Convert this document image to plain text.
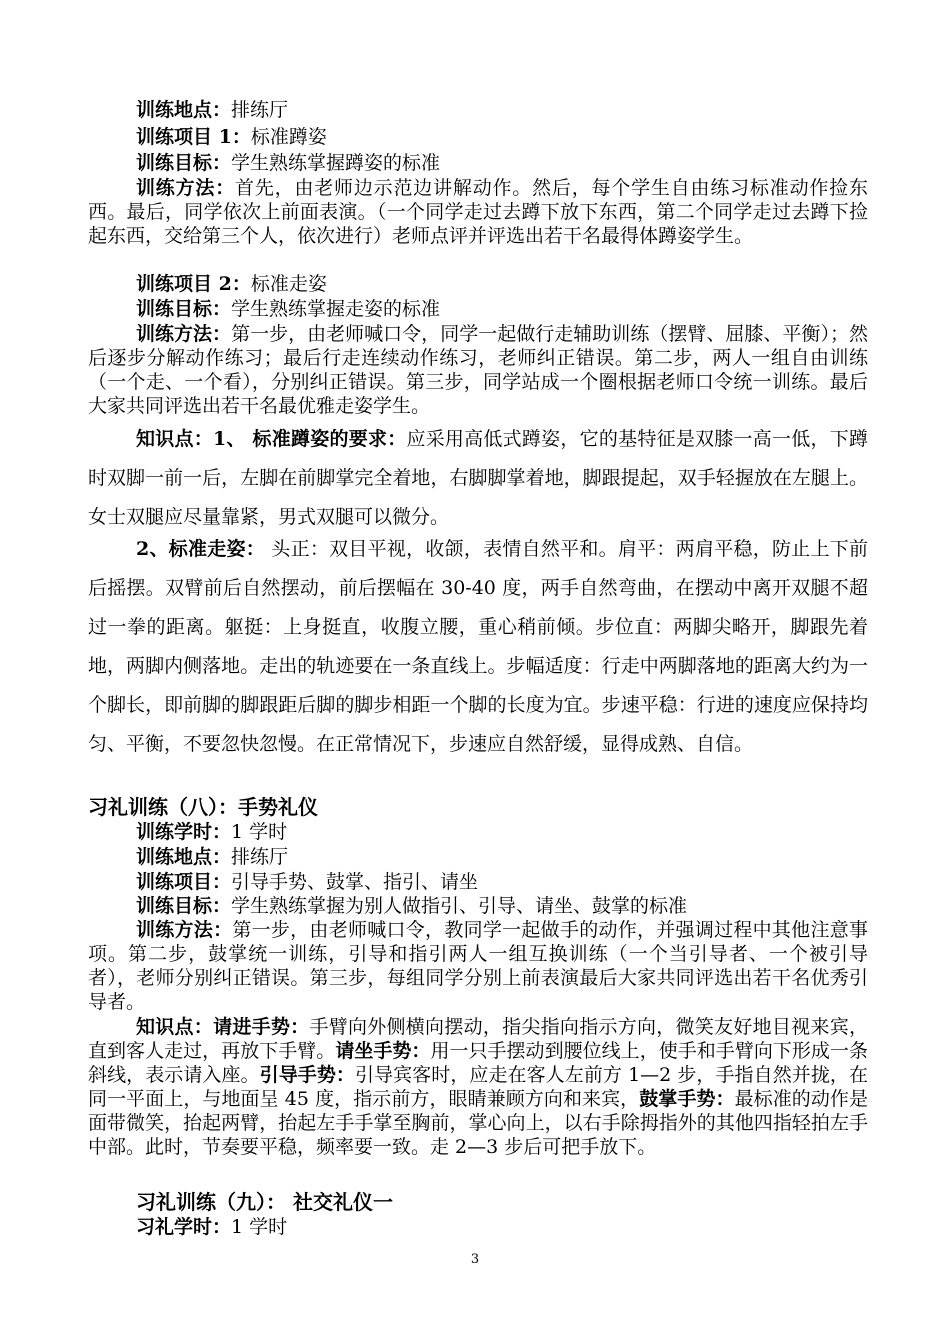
训练地点：排练厅

训练项目 1：标准蹲姿

训练目标：学生熟练掌握蹲姿的标准

训练方法：首先，由老师边示范边讲解动作。然后，每个学生自由练习标准动作捡东西。最后，同学依次上前面表演。（一个同学走过去蹲下放下东西，第二个同学走过去蹲下捡起东西，交给第三个人，依次进行）老师点评并评选出若干名最得体蹲姿学生。

训练项目 2：标准走姿

训练目标：学生熟练掌握走姿的标准

训练方法：第一步，由老师喊口令，同学一起做行走辅助训练（摆臂、屈膝、平衡）；然后逐步分解动作练习；最后行走连续动作练习，老师纠正错误。第二步，两人一组自由训练（一个走、一个看），分别纠正错误。第三步，同学站成一个圈根据老师口令统一训练。最后大家共同评选出若干名最优雅走姿学生。

知识点：1、 标准蹲姿的要求：应采用高低式蹲姿，它的基特征是双膝一高一低，下蹲时双脚一前一后，左脚在前脚掌完全着地，右脚脚掌着地，脚跟提起，双手轻握放在左腿上。女士双腿应尽量靠紧，男式双腿可以微分。

2、标准走姿： 头正：双目平视，收颌，表情自然平和。肩平：两肩平稳，防止上下前后摇摆。双臂前后自然摆动，前后摆幅在 30-40 度，两手自然弯曲，在摆动中离开双腿不超过一拳的距离。躯挺：上身挺直，收腹立腰，重心稍前倾。步位直：两脚尖略开，脚跟先着地，两脚内侧落地。走出的轨迹要在一条直线上。步幅适度：行走中两脚落地的距离大约为一个脚长，即前脚的脚跟距后脚的脚步相距一个脚的长度为宜。步速平稳：行进的速度应保持均匀、平衡，不要忽快忽慢。在正常情况下，步速应自然舒缓，显得成熟、自信。

习礼训练（八）：手势礼仪

训练学时：1 学时

训练地点：排练厅

训练项目：引导手势、鼓掌、指引、请坐

训练目标：学生熟练掌握为别人做指引、引导、请坐、鼓掌的标准

训练方法：第一步，由老师喊口令，教同学一起做手的动作，并强调过程中其他注意事项。第二步，鼓掌统一训练，引导和指引两人一组互换训练（一个当引导者、一个被引导者），老师分别纠正错误。第三步，每组同学分别上前表演最后大家共同评选出若干名优秀引导者。

知识点：请进手势：手臂向外侧横向摆动，指尖指向指示方向，微笑友好地目视来宾，直到客人走过，再放下手臂。请坐手势：用一只手摆动到腰位线上，使手和手臂向下形成一条斜线，表示请入座。引导手势：引导宾客时，应走在客人左前方 1—2 步，手指自然并拢，在同一平面上，与地面呈 45 度，指示前方，眼睛兼顾方向和来宾，鼓掌手势：最标准的动作是面带微笑，抬起两臂，抬起左手手掌至胸前，掌心向上，以右手除拇指外的其他四指轻拍左手中部。此时，节奏要平稳，频率要一致。走 2—3 步后可把手放下。

习礼训练（九）： 社交礼仪一

习礼学时：1 学时

3
